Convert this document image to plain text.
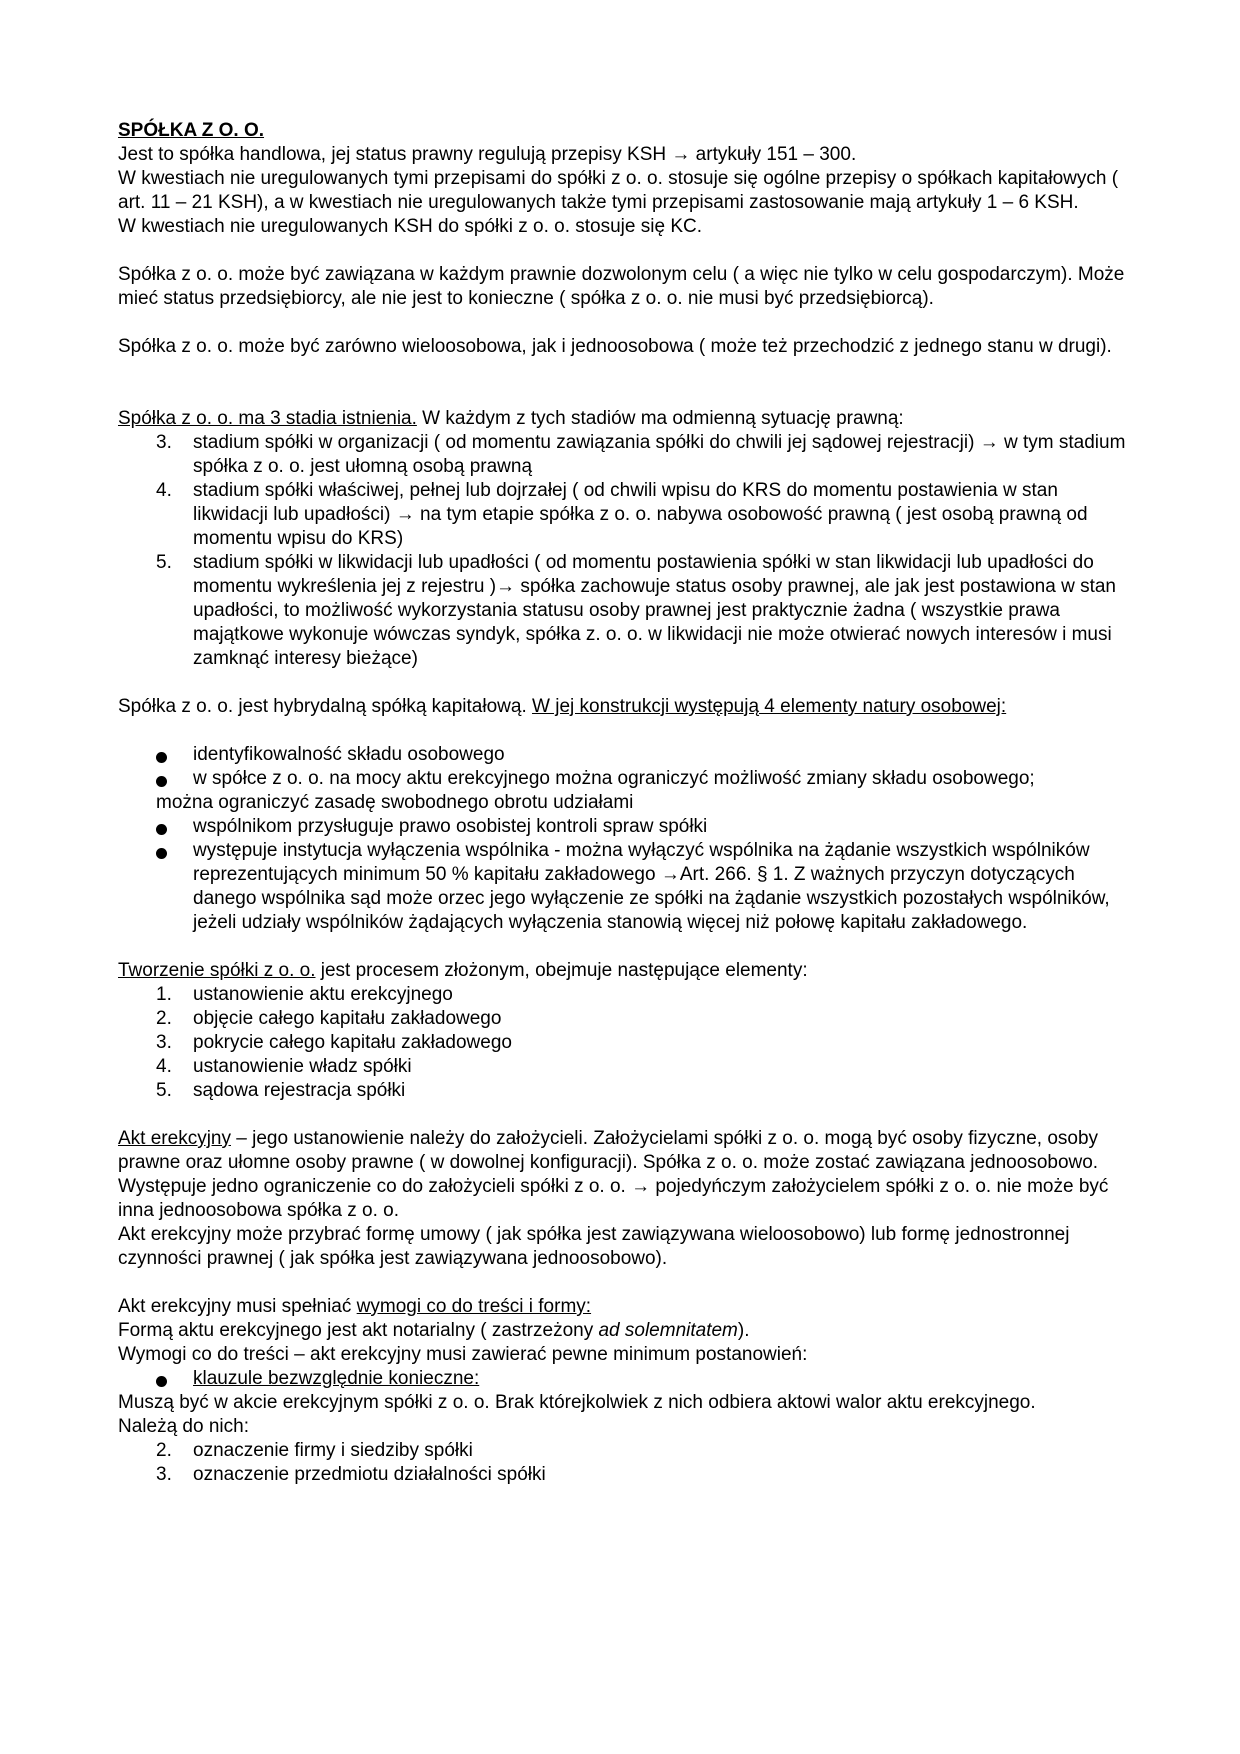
SPÓŁKA Z O. O.

Jest to spółka handlowa, jej status prawny regulują przepisy KSH → artykuły 151 – 300.

W kwestiach nie uregulowanych tymi przepisami do spółki z o. o. stosuje się ogólne przepisy o spółkach kapitałowych ( art. 11 – 21 KSH), a w kwestiach nie uregulowanych także tymi przepisami zastosowanie mają artykuły 1 – 6 KSH.

W kwestiach nie uregulowanych KSH do spółki z o. o. stosuje się KC.

Spółka z o. o. może być zawiązana w każdym prawnie dozwolonym celu ( a więc nie tylko w celu gospodarczym). Może mieć status przedsiębiorcy, ale nie jest to konieczne ( spółka z o. o. nie musi być przedsiębiorcą).

Spółka z o. o. może być zarówno wieloosobowa, jak i jednoosobowa ( może też przechodzić z jednego stanu w drugi).

Spółka z o. o. ma 3 stadia istnienia. W każdym z tych stadiów ma odmienną sytuację prawną:

3. stadium spółki w organizacji ( od momentu zawiązania spółki do chwili jej sądowej rejestracji) → w tym stadium spółka z o. o. jest ułomną osobą prawną
4. stadium spółki właściwej, pełnej lub dojrzałej ( od chwili wpisu do KRS do momentu postawienia w stan likwidacji lub upadłości) → na tym etapie spółka z o. o. nabywa osobowość prawną ( jest osobą prawną od momentu wpisu do KRS)
5. stadium spółki w likwidacji lub upadłości ( od momentu postawienia spółki w stan likwidacji lub upadłości do momentu wykreślenia jej z rejestru )→ spółka zachowuje status osoby prawnej, ale jak jest postawiona w stan upadłości, to możliwość wykorzystania statusu osoby prawnej jest praktycznie żadna ( wszystkie prawa majątkowe wykonuje wówczas syndyk, spółka z. o. o. w likwidacji nie może otwierać nowych interesów i musi zamknąć interesy bieżące)

Spółka z o. o. jest hybrydalną spółką kapitałową. W jej konstrukcji występują 4 elementy natury osobowej:

identyfikowalność składu osobowego
w spółce z o. o. na mocy aktu erekcyjnego można ograniczyć możliwość zmiany składu osobowego;

można ograniczyć zasadę swobodnego obrotu udziałami

wspólnikom przysługuje prawo osobistej kontroli spraw spółki
występuje instytucja wyłączenia wspólnika - można wyłączyć wspólnika na żądanie wszystkich wspólników reprezentujących minimum 50 % kapitału zakładowego →Art. 266. § 1. Z ważnych przyczyn dotyczących danego wspólnika sąd może orzec jego wyłączenie ze spółki na żądanie wszystkich pozostałych wspólników, jeżeli udziały wspólników żądających wyłączenia stanowią więcej niż połowę kapitału zakładowego.

Tworzenie spółki z o. o. jest procesem złożonym, obejmuje następujące elementy:

1. ustanowienie aktu erekcyjnego
2. objęcie całego kapitału zakładowego
3. pokrycie całego kapitału zakładowego
4. ustanowienie władz spółki
5. sądowa rejestracja spółki

Akt erekcyjny – jego ustanowienie należy do założycieli. Założycielami spółki z o. o. mogą być osoby fizyczne, osoby prawne oraz ułomne osoby prawne ( w dowolnej konfiguracji). Spółka z o. o. może zostać zawiązana jednoosobowo.

Występuje jedno ograniczenie co do założycieli spółki z o. o. → pojedyńczym założycielem spółki z o. o. nie może być inna jednoosobowa spółka z o. o.

Akt erekcyjny może przybrać formę umowy ( jak spółka jest zawiązywana wieloosobowo) lub formę jednostronnej czynności prawnej ( jak spółka jest zawiązywana jednoosobowo).

Akt erekcyjny musi spełniać wymogi co do treści i formy:

Formą aktu erekcyjnego jest akt notarialny ( zastrzeżony ad solemnitatem).

Wymogi co do treści – akt erekcyjny musi zawierać pewne minimum postanowień:

klauzule bezwzględnie konieczne:

Muszą być w akcie erekcyjnym spółki z o. o. Brak którejkolwiek z nich odbiera aktowi walor aktu erekcyjnego.

Należą do nich:

2. oznaczenie firmy i siedziby spółki
3. oznaczenie przedmiotu działalności spółki
